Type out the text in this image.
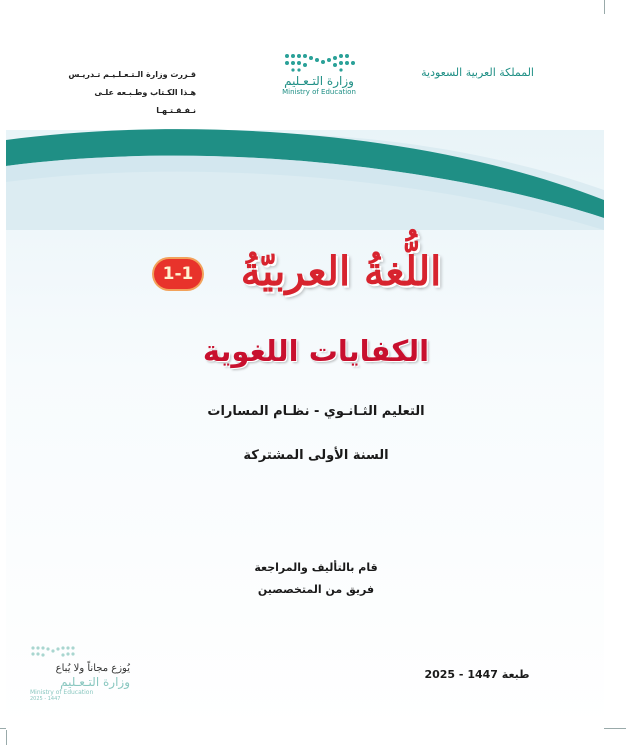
المملكة العربية السعودية
قـررت وزارة الـتـعـلـيـم تـدريـس
هـذا الكـتاب وطـبـعه علـى نـفـقـتـهـا
وزارة التـعـليم
Ministry of Education
اللُّغةُ العربيّةُ
1-1
الكفايات اللغوية
التعليم الثـانـوي - نظـام المسارات
السنة الأولى المشتركة
قام بالتأليف والمراجعة
فريق من المتخصصين
طبعة 1447 - 2025
يُوزع مجاناً ولا يُباع
وزارة التـعـليم
Ministry of Education
2025 - 1447
